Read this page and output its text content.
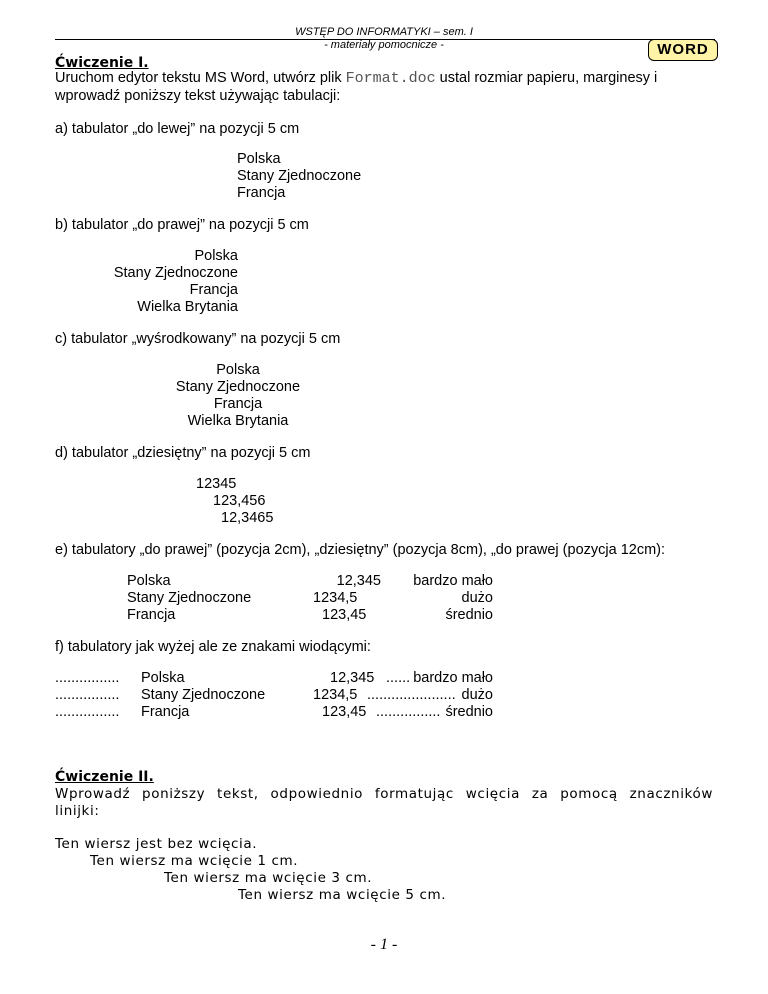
WSTĘP DO INFORMATYKI – sem. I
- materiały pomocnicze -	WORD
Ćwiczenie I.
Uruchom edytor tekstu MS Word, utwórz plik Format.doc ustal rozmiar papieru, marginesy i
wprowadź poniższy tekst używając tabulacji:
a) tabulator „do lewej” na pozycji 5 cm
Polska
Stany Zjednoczone
Francja
b) tabulator „do prawej” na pozycji 5 cm
Polska
Stany Zjednoczone
Francja
Wielka Brytania
c) tabulator „wyśrodkowany” na pozycji 5 cm
Polska
Stany Zjednoczone
Francja
Wielka Brytania
d) tabulator „dziesiętny” na pozycji 5 cm
12345
123,456
12,3465
e) tabulatory „do prawej” (pozycja 2cm), „dziesiętny” (pozycja 8cm), „do prawej (pozycja 12cm):
Polska	12,345	bardzo mało
Stany Zjednoczone	1234,5	dużo
Francja	123,45	średnio
f) tabulatory jak wyżej ale ze znakami wiodącymi:
................ Polska	12,345 ...... bardzo mało
................ Stany Zjednoczone	1234,5 ...................... dużo
................ Francja	123,45 ................ średnio
Ćwiczenie II.
Wprowadź poniższy tekst, odpowiednio formatując wcięcia za pomocą znaczników
linijki:
Ten wiersz jest bez wcięcia.
Ten wiersz ma wcięcie 1 cm.
Ten wiersz ma wcięcie 3 cm.
Ten wiersz ma wcięcie 5 cm.
- 1 -
